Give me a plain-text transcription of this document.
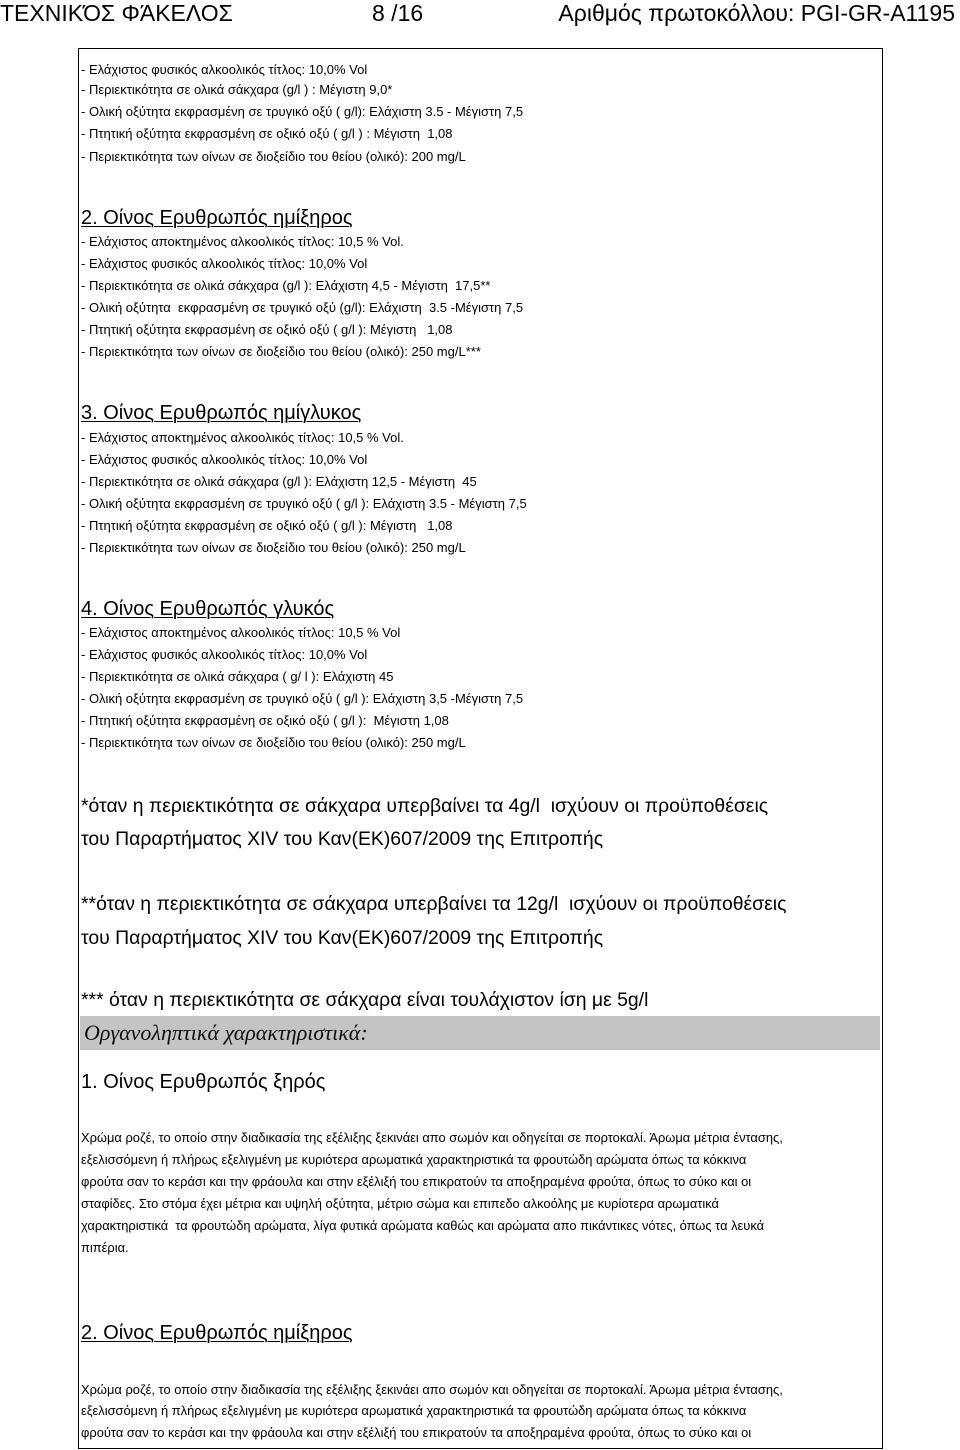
ΤΕΧΝΙΚΌΣ ΦΆΚΕΛΟΣ	8 /16	Αριθμός πρωτοκόλλου: PGI-GR-A1195
- Ελάχιστος φυσικός αλκοολικός τίτλος: 10,0% Vol
- Περιεκτικότητα σε ολικά σάκχαρα (g/l ) : Μέγιστη 9,0*
- Ολική οξύτητα εκφρασμένη σε τρυγικό οξύ ( g/l): Ελάχιστη 3.5 - Μέγιστη 7,5
- Πτητική οξύτητα εκφρασμένη σε οξικό οξύ ( g/l ) : Μέγιστη  1,08
- Περιεκτικότητα των οίνων σε διοξείδιο του θείου (ολικό): 200 mg/L
2. Οίνος Ερυθρωπός ημίξηρος
- Ελάχιστος αποκτημένος αλκοολικός τίτλος: 10,5 % Vol.
- Ελάχιστος φυσικός αλκοολικός τίτλος: 10,0% Vol
- Περιεκτικότητα σε ολικά σάκχαρα (g/l ): Ελάχιστη 4,5 - Μέγιστη  17,5**
- Ολική οξύτητα  εκφρασμένη σε τρυγικό οξύ (g/l): Ελάχιστη  3.5 -Μέγιστη 7,5
- Πτητική οξύτητα εκφρασμένη σε οξικό οξύ ( g/l ): Μέγιστη   1,08
- Περιεκτικότητα των οίνων σε διοξείδιο του θείου (ολικό): 250 mg/L***
3. Οίνος Ερυθρωπός ημίγλυκος
- Ελάχιστος αποκτημένος αλκοολικός τίτλος: 10,5 % Vol.
- Ελάχιστος φυσικός αλκοολικός τίτλος: 10,0% Vol
- Περιεκτικότητα σε ολικά σάκχαρα (g/l ): Ελάχιστη 12,5 - Μέγιστη  45
- Ολική οξύτητα εκφρασμένη σε τρυγικό οξύ ( g/l ): Ελάχιστη 3.5 - Μέγιστη 7,5
- Πτητική οξύτητα εκφρασμένη σε οξικό οξύ ( g/l ): Μέγιστη   1,08
- Περιεκτικότητα των οίνων σε διοξείδιο του θείου (ολικό): 250 mg/L
4. Οίνος Ερυθρωπός γλυκός
- Ελάχιστος αποκτημένος αλκοολικός τίτλος: 10,5 % Vol
- Ελάχιστος φυσικός αλκοολικός τίτλος: 10,0% Vol
- Περιεκτικότητα σε ολικά σάκχαρα ( g/ l ): Ελάχιστη 45
- Ολική οξύτητα εκφρασμένη σε τρυγικό οξύ ( g/l ): Ελάχιστη 3,5 -Μέγιστη 7,5
- Πτητική οξύτητα εκφρασμένη σε οξικό οξύ ( g/l ):  Μέγιστη 1,08
- Περιεκτικότητα των οίνων σε διοξείδιο του θείου (ολικό): 250 mg/L
*όταν η περιεκτικότητα σε σάκχαρα υπερβαίνει τα 4g/l  ισχύουν οι προϋποθέσεις
του Παραρτήματος XIV του Καν(ΕΚ)607/2009 της Επιτροπής
**όταν η περιεκτικότητα σε σάκχαρα υπερβαίνει τα 12g/l  ισχύουν οι προϋποθέσεις
του Παραρτήματος XIV του Καν(ΕΚ)607/2009 της Επιτροπής
*** όταν η περιεκτικότητα σε σάκχαρα είναι τουλάχιστον ίση με 5g/l
Οργανοληπτικά χαρακτηριστικά:
1. Οίνος Ερυθρωπός ξηρός
Χρώμα ροζέ, το οποίο στην διαδικασία της εξέλιξης ξεκινάει απο σωμόν και οδηγείται σε πορτοκαλί. Άρωμα μέτρια έντασης,
εξελισσόμενη ή πλήρως εξελιγμένη με κυριότερα αρωματικά χαρακτηριστικά τα φρουτώδη αρώματα όπως τα κόκκινα
φρούτα σαν το κεράσι και την φράουλα και στην εξέλιξή του επικρατούν τα αποξηραμένα φρούτα, όπως το σύκο και οι
σταφίδες. Στο στόμα έχει μέτρια και υψηλή οξύτητα, μέτριο σώμα και επιπεδο αλκοόλης με κυρίοτερα αρωματικά
χαρακτηριστικά  τα φρουτώδη αρώματα, λίγα φυτικά αρώματα καθώς και αρώματα απο πικάντικες νότες, όπως τα λευκά
πιπέρια.
2. Οίνος Ερυθρωπός ημίξηρος
Χρώμα ροζέ, το οποίο στην διαδικασία της εξέλιξης ξεκινάει απο σωμόν και οδηγείται σε πορτοκαλί. Άρωμα μέτρια έντασης,
εξελισσόμενη ή πλήρως εξελιγμένη με κυριότερα αρωματικά χαρακτηριστικά τα φρουτώδη αρώματα όπως τα κόκκινα
φρούτα σαν το κεράσι και την φράουλα και στην εξέλιξή του επικρατούν τα αποξηραμένα φρούτα, όπως το σύκο και οι
